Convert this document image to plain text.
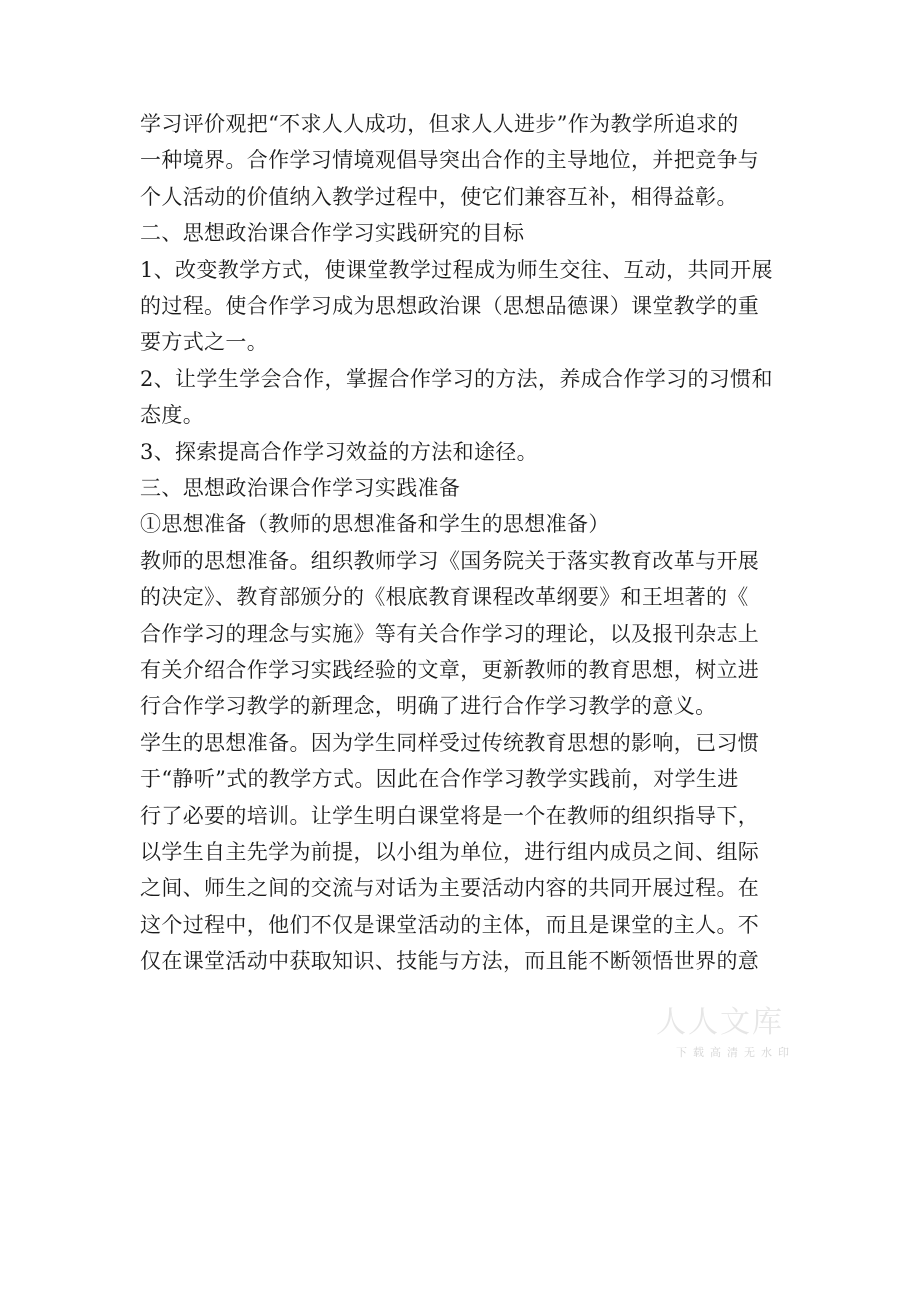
学习评价观把“不求人人成功，但求人人进步”作为教学所追求的
一种境界。合作学习情境观倡导突出合作的主导地位，并把竞争与
个人活动的价值纳入教学过程中，使它们兼容互补，相得益彰。
二、思想政治课合作学习实践研究的目标
1、改变教学方式，使课堂教学过程成为师生交往、互动，共同开展
的过程。使合作学习成为思想政治课（思想品德课）课堂教学的重
要方式之一。
2、让学生学会合作，掌握合作学习的方法，养成合作学习的习惯和
态度。
3、探索提高合作学习效益的方法和途径。
三、思想政治课合作学习实践准备
①思想准备（教师的思想准备和学生的思想准备）
教师的思想准备。组织教师学习《国务院关于落实教育改革与开展
的决定》、教育部颁分的《根底教育课程改革纲要》和王坦著的《
合作学习的理念与实施》等有关合作学习的理论，以及报刊杂志上
有关介绍合作学习实践经验的文章，更新教师的教育思想，树立进
行合作学习教学的新理念，明确了进行合作学习教学的意义。
学生的思想准备。因为学生同样受过传统教育思想的影响，已习惯
于“静听”式的教学方式。因此在合作学习教学实践前，对学生进
行了必要的培训。让学生明白课堂将是一个在教师的组织指导下，
以学生自主先学为前提，以小组为单位，进行组内成员之间、组际
之间、师生之间的交流与对话为主要活动内容的共同开展过程。在
这个过程中，他们不仅是课堂活动的主体，而且是课堂的主人。不
仅在课堂活动中获取知识、技能与方法，而且能不断领悟世界的意
人人文库
下载高清无水印
